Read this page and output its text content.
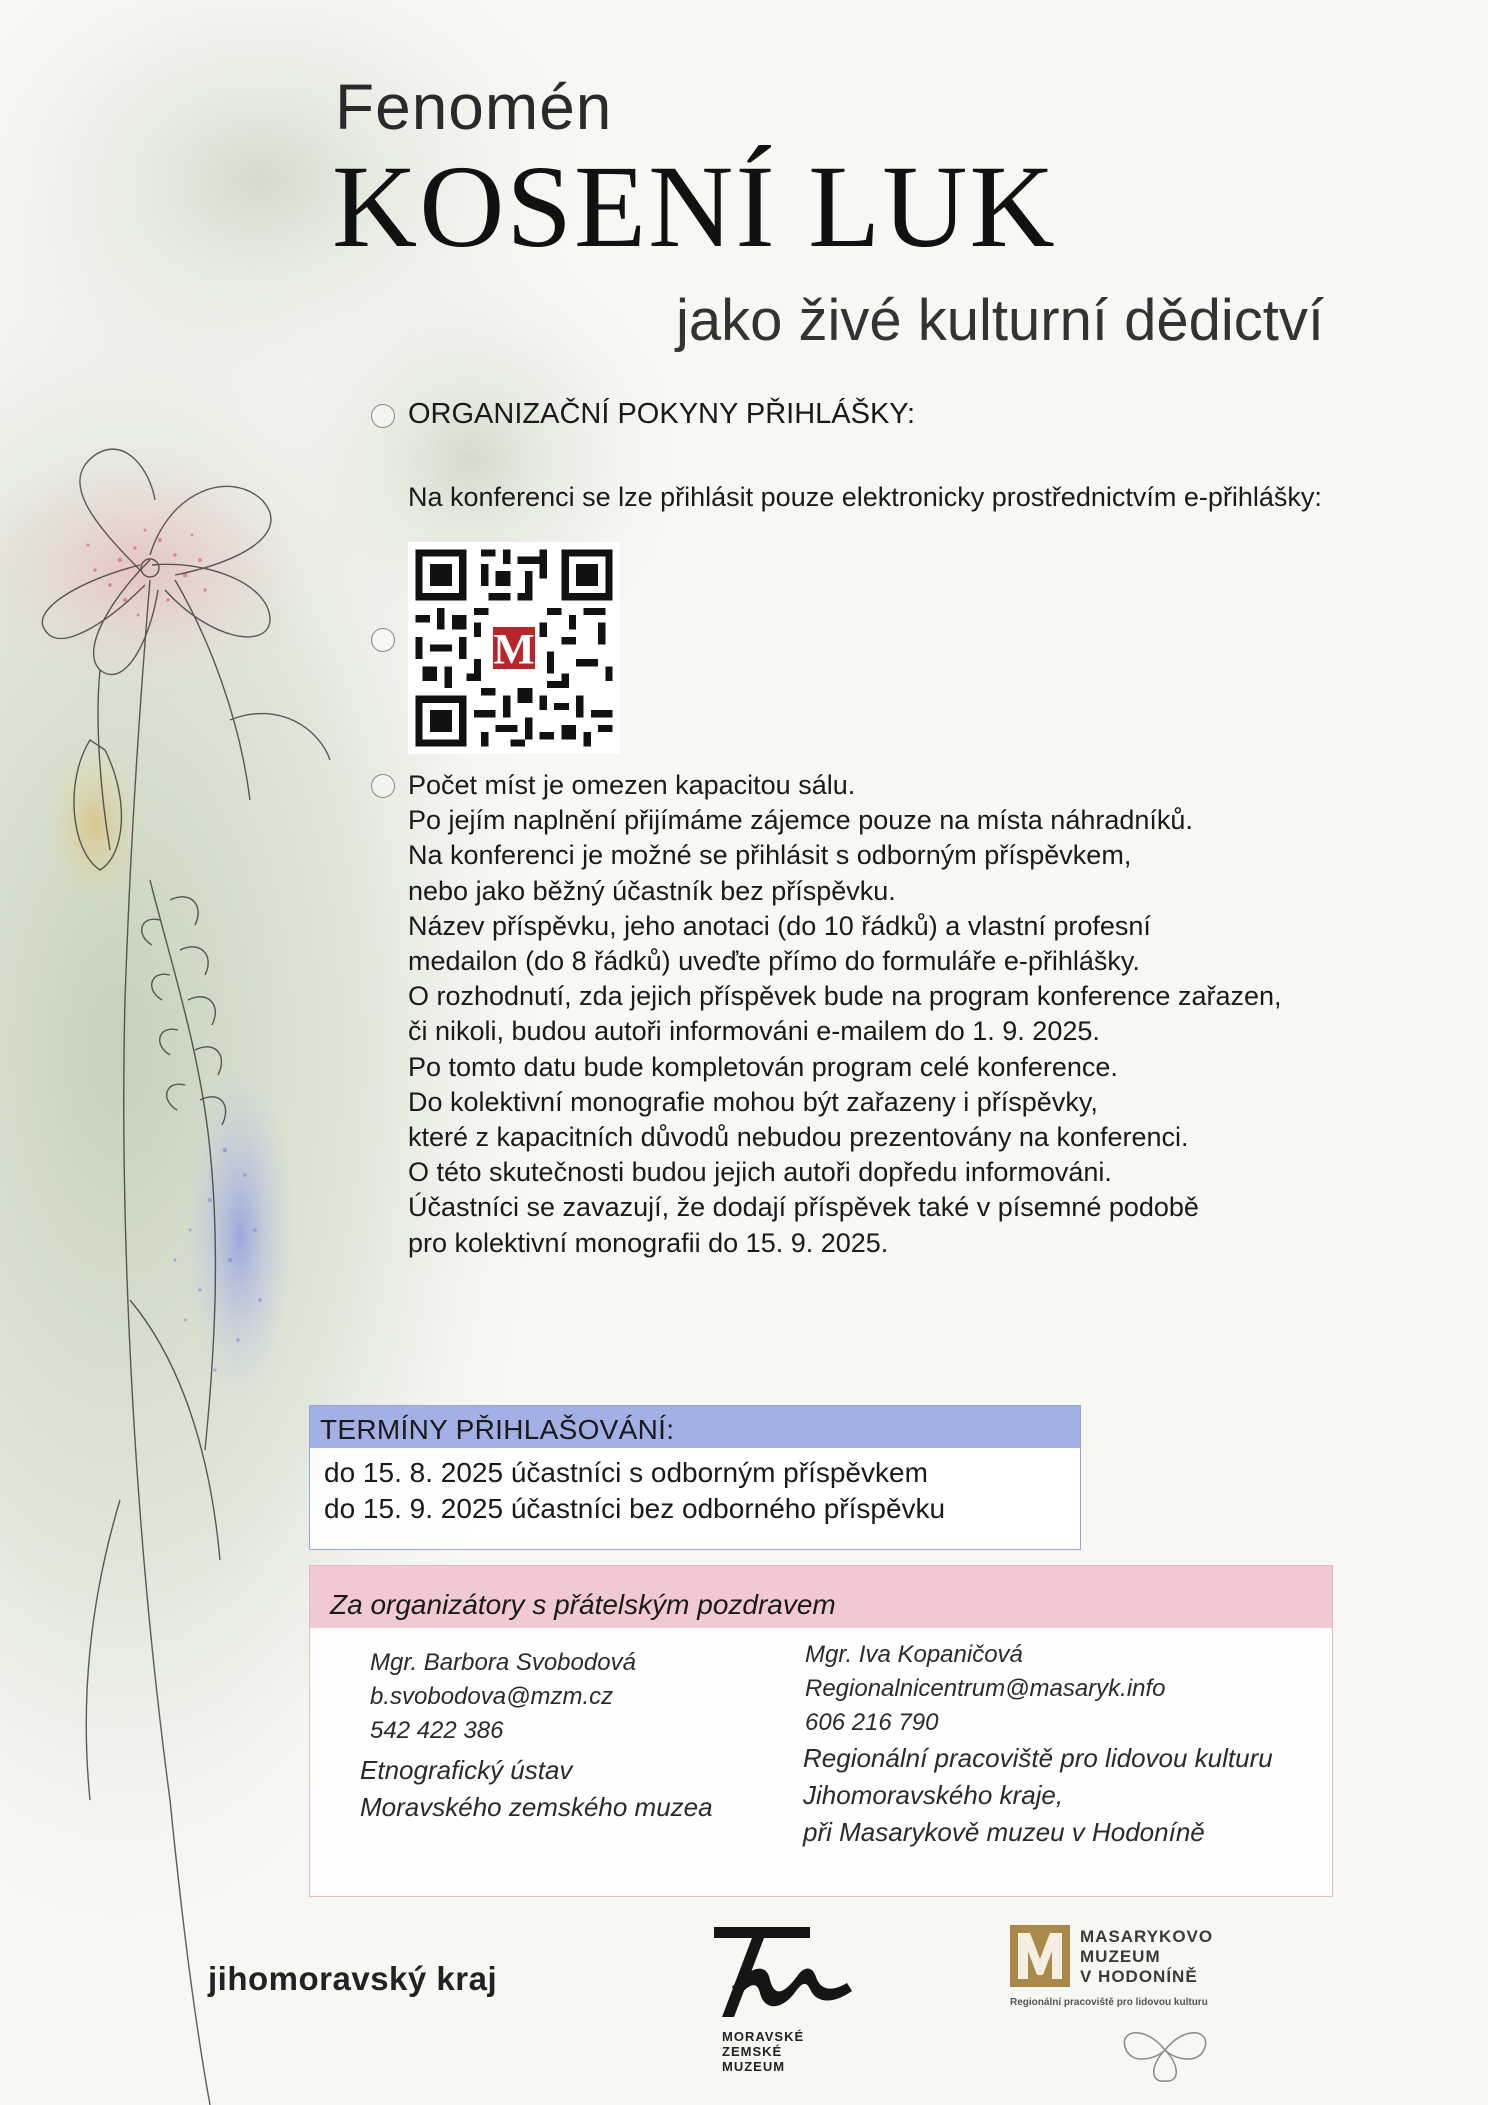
Fenomén
KOSENÍ LUK
jako živé kulturní dědictví
ORGANIZAČNÍ POKYNY PŘIHLÁŠKY:
Na konferenci se lze přihlásit pouze elektronicky prostřednictvím e-přihlášky:
M
Počet míst je omezen kapacitou sálu.
Po jejím naplnění přijímáme zájemce pouze na místa náhradníků.
Na konferenci je možné se přihlásit s odborným příspěvkem,
nebo jako běžný účastník bez příspěvku.
Název příspěvku, jeho anotaci (do 10 řádků) a vlastní profesní
medailon (do 8 řádků) uveďte přímo do formuláře e-přihlášky.
O rozhodnutí, zda jejich příspěvek bude na program konference zařazen,
či nikoli, budou autoři informováni e-mailem do 1. 9. 2025.
Po tomto datu bude kompletován program celé konference.
Do kolektivní monografie mohou být zařazeny i příspěvky,
které z kapacitních důvodů nebudou prezentovány na konferenci.
O této skutečnosti budou jejich autoři dopředu informováni.
Účastníci se zavazují, že dodají příspěvek také v písemné podobě
pro kolektivní monografii do 15. 9. 2025.
TERMÍNY PŘIHLAŠOVÁNÍ:
do 15. 8. 2025 účastníci s odborným příspěvkem
do 15. 9. 2025 účastníci bez odborného příspěvku
Za organizátory s přátelským pozdravem
Mgr. Barbora Svobodová
b.svobodova@mzm.cz
542 422 386
Etnografický ústav
Moravského zemského muzea
Mgr. Iva Kopaničová
Regionalnicentrum@masaryk.info
606 216 790
Regionální pracoviště pro lidovou kulturu
Jihomoravského kraje,
při Masarykově muzeu v Hodoníně
jihomoravský kraj
MORAVSKÉ
ZEMSKÉ
MUZEUM
MASARYKOVO
MUZEUM
V HODONÍNĚ
Regionální pracoviště pro lidovou kulturu
